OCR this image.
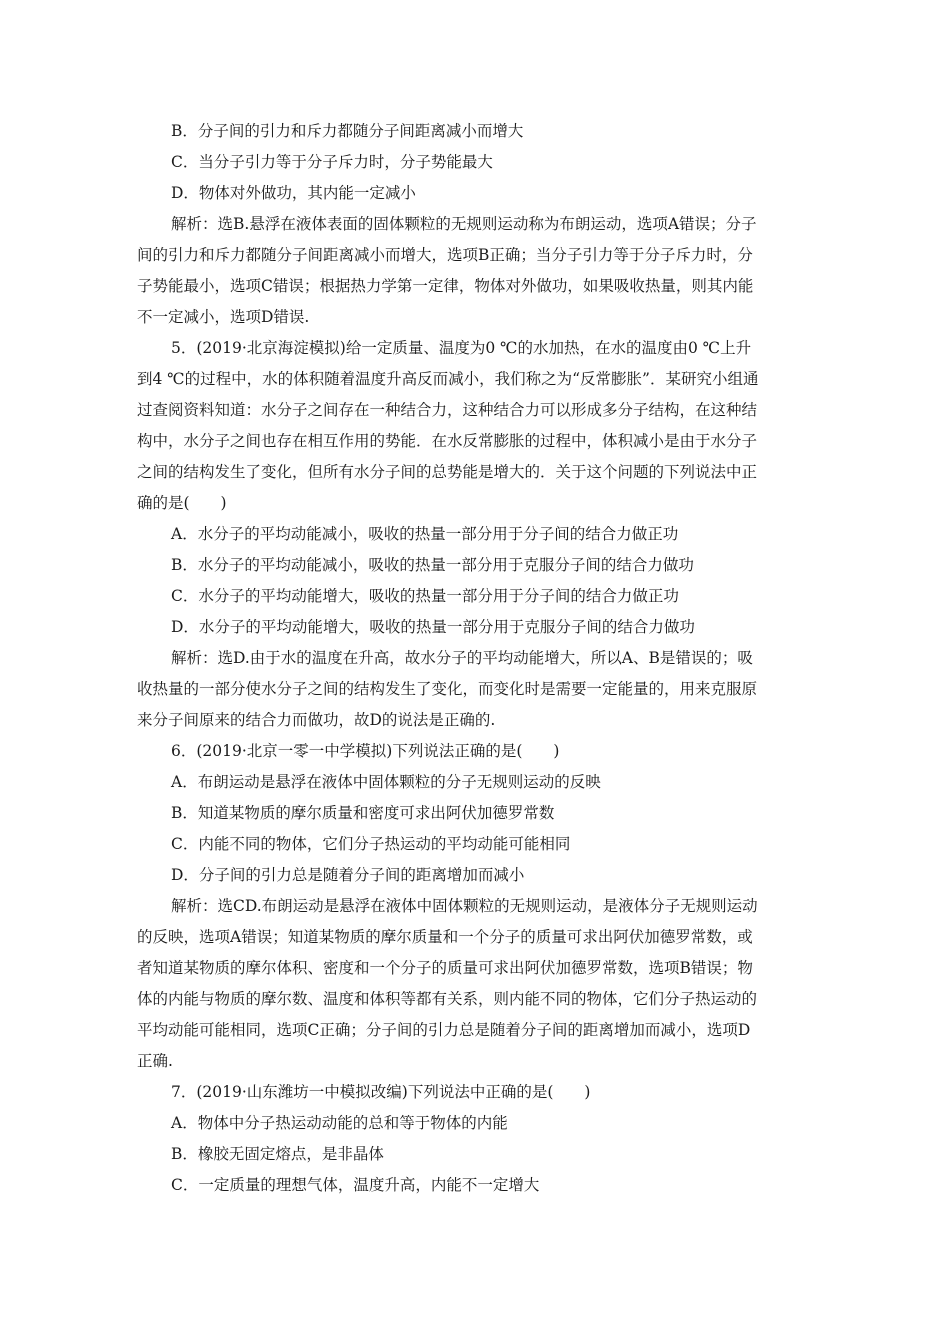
B．分子间的引力和斥力都随分子间距离减小而增大
C．当分子引力等于分子斥力时，分子势能最大
D．物体对外做功，其内能一定减小
解析：选B.悬浮在液体表面的固体颗粒的无规则运动称为布朗运动，选项A错误；分子
间的引力和斥力都随分子间距离减小而增大，选项B正确；当分子引力等于分子斥力时，分
子势能最小，选项C错误；根据热力学第一定律，物体对外做功，如果吸收热量，则其内能
不一定减小，选项D错误.
5．(2019·北京海淀模拟)给一定质量、温度为0 ℃的水加热，在水的温度由0 ℃上升
到4 ℃的过程中，水的体积随着温度升高反而减小，我们称之为“反常膨胀”．某研究小组通
过查阅资料知道：水分子之间存在一种结合力，这种结合力可以形成多分子结构，在这种结
构中，水分子之间也存在相互作用的势能．在水反常膨胀的过程中，体积减小是由于水分子
之间的结构发生了变化，但所有水分子间的总势能是增大的．关于这个问题的下列说法中正
确的是(　　)
A．水分子的平均动能减小，吸收的热量一部分用于分子间的结合力做正功
B．水分子的平均动能减小，吸收的热量一部分用于克服分子间的结合力做功
C．水分子的平均动能增大，吸收的热量一部分用于分子间的结合力做正功
D．水分子的平均动能增大，吸收的热量一部分用于克服分子间的结合力做功
解析：选D.由于水的温度在升高，故水分子的平均动能增大，所以A、B是错误的；吸
收热量的一部分使水分子之间的结构发生了变化，而变化时是需要一定能量的，用来克服原
来分子间原来的结合力而做功，故D的说法是正确的.
6．(2019·北京一零一中学模拟)下列说法正确的是(　　)
A．布朗运动是悬浮在液体中固体颗粒的分子无规则运动的反映
B．知道某物质的摩尔质量和密度可求出阿伏加德罗常数
C．内能不同的物体，它们分子热运动的平均动能可能相同
D．分子间的引力总是随着分子间的距离增加而减小
解析：选CD.布朗运动是悬浮在液体中固体颗粒的无规则运动，是液体分子无规则运动
的反映，选项A错误；知道某物质的摩尔质量和一个分子的质量可求出阿伏加德罗常数，或
者知道某物质的摩尔体积、密度和一个分子的质量可求出阿伏加德罗常数，选项B错误；物
体的内能与物质的摩尔数、温度和体积等都有关系，则内能不同的物体，它们分子热运动的
平均动能可能相同，选项C正确；分子间的引力总是随着分子间的距离增加而减小，选项D
正确.
7．(2019·山东潍坊一中模拟改编)下列说法中正确的是(　　)
A．物体中分子热运动动能的总和等于物体的内能
B．橡胶无固定熔点，是非晶体
C．一定质量的理想气体，温度升高，内能不一定增大
